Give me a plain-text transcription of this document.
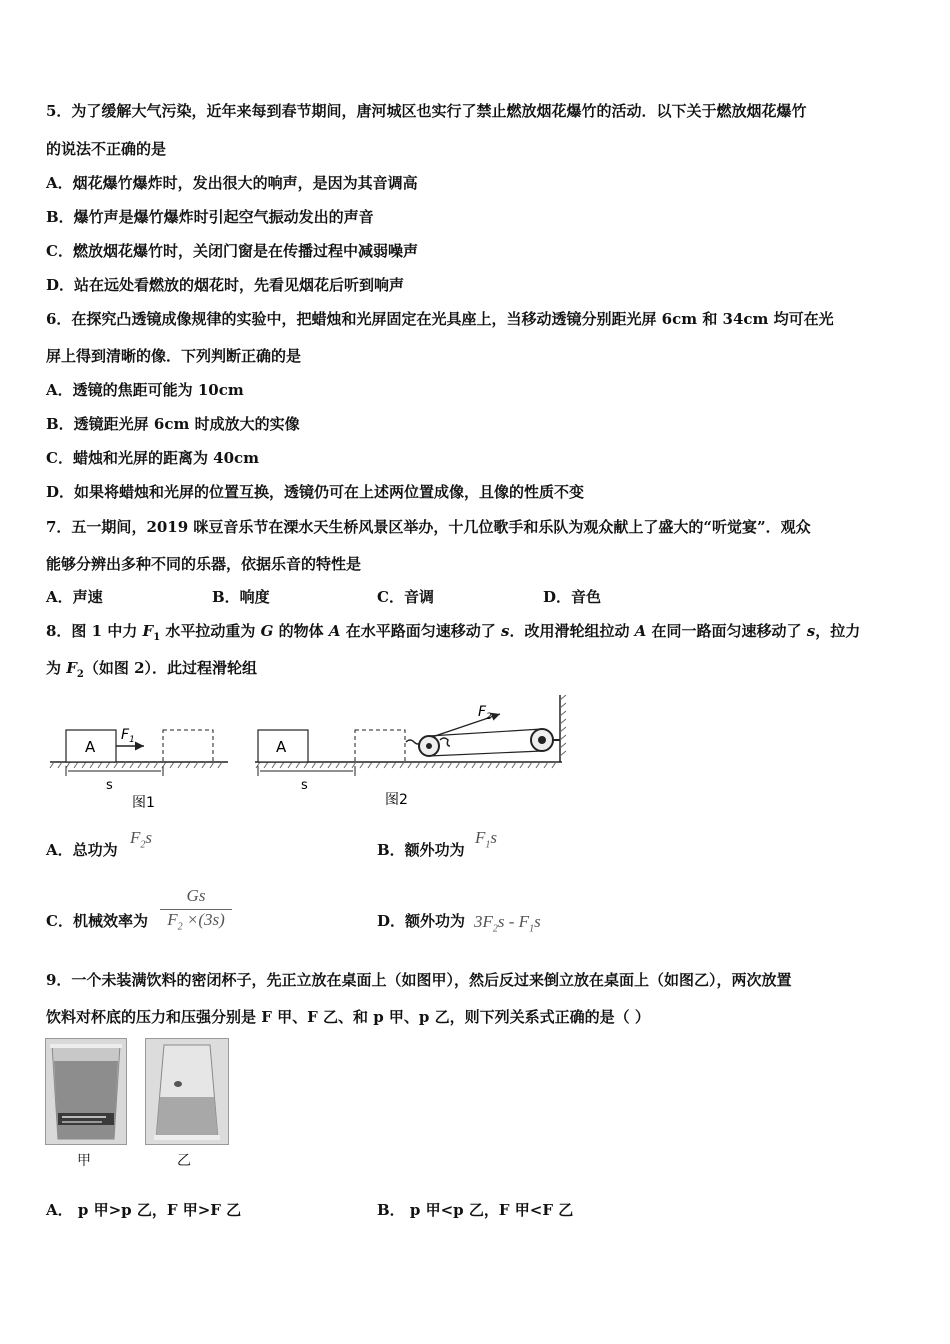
5．为了缓解大气污染，近年来每到春节期间，唐河城区也实行了禁止燃放烟花爆竹的活动．以下关于燃放烟花爆竹
的说法不正确的是
A．烟花爆竹爆炸时，发出很大的响声，是因为其音调高
B．爆竹声是爆竹爆炸时引起空气振动发出的声音
C．燃放烟花爆竹时，关闭门窗是在传播过程中减弱噪声
D．站在远处看燃放的烟花时，先看见烟花后听到响声
6．在探究凸透镜成像规律的实验中，把蜡烛和光屏固定在光具座上，当移动透镜分别距光屏 6cm 和 34cm 均可在光
屏上得到清晰的像．下列判断正确的是
A．透镜的焦距可能为 10cm
B．透镜距光屏 6cm 时成放大的实像
C．蜡烛和光屏的距离为 40cm
D．如果将蜡烛和光屏的位置互换，透镜仍可在上述两位置成像，且像的性质不变
7．五一期间，2019 咪豆音乐节在溧水天生桥风景区举办，十几位歌手和乐队为观众献上了盛大的“听觉宴”．观众
能够分辨出多种不同的乐器，依据乐音的特性是
A．声速	B．响度	C．音调	D．音色
8．图 1 中力 $F_1$ 水平拉动重为 G 的物体 A 在水平路面匀速移动了 s．改用滑轮组拉动 A 在同一路面匀速移动了 s，拉力
为 $F_2$（如图 2）．此过程滑轮组
A
$F_1$
s
图1
A
$F_2$
s
图2
A．总功为
$F_2s$
B．额外功为
$F_1s$
C．机械效率为
Gs
$F_2 \times(3s)$	D．额外功为 $3F_2s - F_1s$
9．一个未装满饮料的密闭杯子，先正立放在桌面上（如图甲），然后反过来倒立放在桌面上（如图乙），两次放置
饮料对杯底的压力和压强分别是 F 甲、F 乙、和 p 甲、p 乙，则下列关系式正确的是（ ）
甲	乙
A． p 甲>p 乙，F 甲>F 乙	B． p 甲<p 乙，F 甲<F 乙
